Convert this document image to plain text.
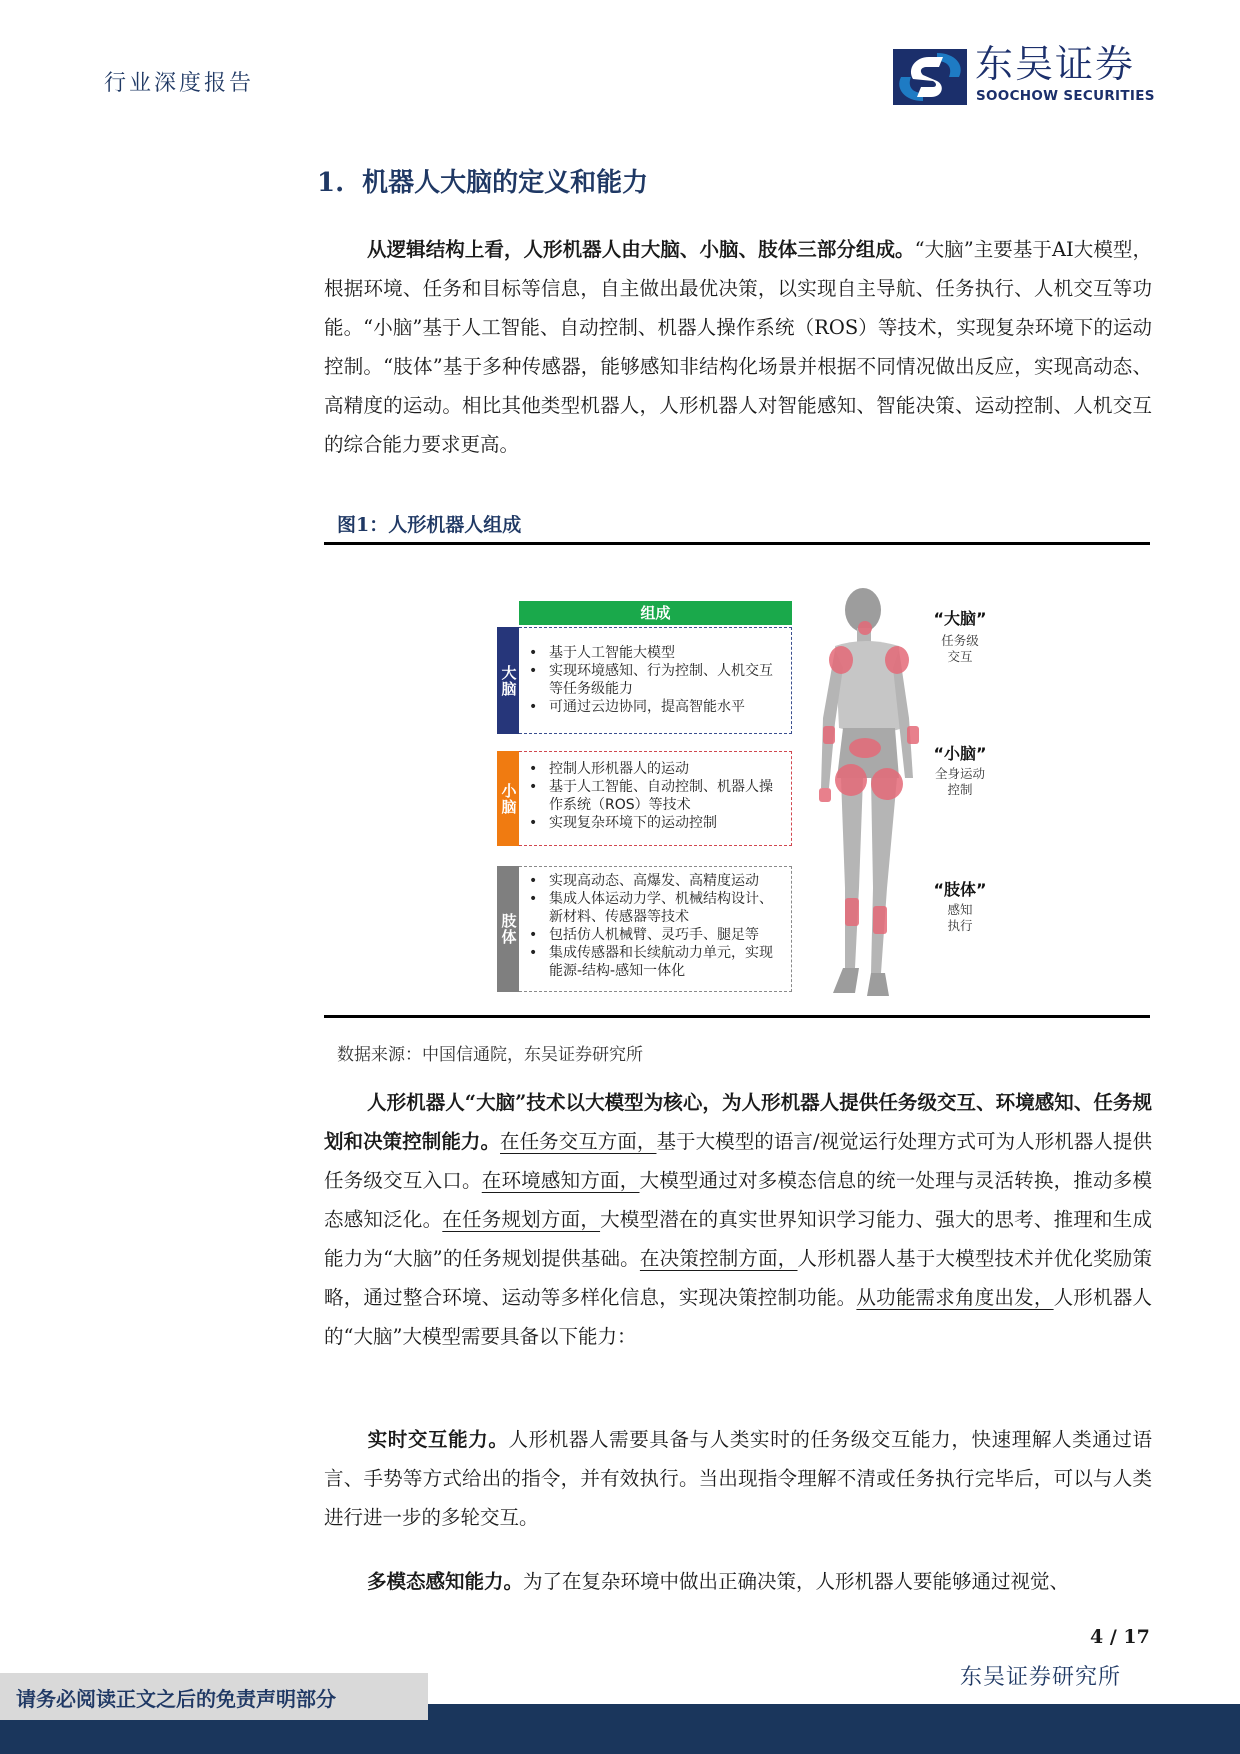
行业深度报告	东吴证券
SOOCHOW SECURITIES
1. 机器人大脑的定义和能力
从逻辑结构上看，人形机器人由大脑、小脑、肢体三部分组成。“大脑”主要基于AI大模型，根据环境、任务和目标等信息，自主做出最优决策，以实现自主导航、任务执行、人机交互等功能。“小脑”基于人工智能、自动控制、机器人操作系统（ROS）等技术，实现复杂环境下的运动控制。“肢体”基于多种传感器，能够感知非结构化场景并根据不同情况做出反应，实现高动态、高精度的运动。相比其他类型机器人，人形机器人对智能感知、智能决策、运动控制、人机交互的综合能力要求更高。
图1：人形机器人组成
组成
大脑
• 基于人工智能大模型
• 实现环境感知、行为控制、人机交互等任务级能力
• 可通过云边协同，提高智能水平
小脑
• 控制人形机器人的运动
• 基于人工智能、自动控制、机器人操作系统（ROS）等技术
• 实现复杂环境下的运动控制
肢体
• 实现高动态、高爆发、高精度运动
• 集成人体运动力学、机械结构设计、新材料、传感器等技术
• 包括仿人机械臂、灵巧手、腿足等
• 集成传感器和长续航动力单元，实现能源-结构-感知一体化
“大脑”
任务级
交互
“小脑”
全身运动
控制
“肢体”
感知
执行
数据来源：中国信通院，东吴证券研究所
人形机器人“大脑”技术以大模型为核心，为人形机器人提供任务级交互、环境感知、任务规划和决策控制能力。在任务交互方面，基于大模型的语言/视觉运行处理方式可为人形机器人提供任务级交互入口。在环境感知方面，大模型通过对多模态信息的统一处理与灵活转换，推动多模态感知泛化。在任务规划方面，大模型潜在的真实世界知识学习能力、强大的思考、推理和生成能力为“大脑”的任务规划提供基础。在决策控制方面，人形机器人基于大模型技术并优化奖励策略，通过整合环境、运动等多样化信息，实现决策控制功能。从功能需求角度出发，人形机器人的“大脑”大模型需要具备以下能力：
实时交互能力。人形机器人需要具备与人类实时的任务级交互能力，快速理解人类通过语言、手势等方式给出的指令，并有效执行。当出现指令理解不清或任务执行完毕后，可以与人类进行进一步的多轮交互。
多模态感知能力。为了在复杂环境中做出正确决策，人形机器人要能够通过视觉、
4 / 17
东吴证券研究所
请务必阅读正文之后的免责声明部分
